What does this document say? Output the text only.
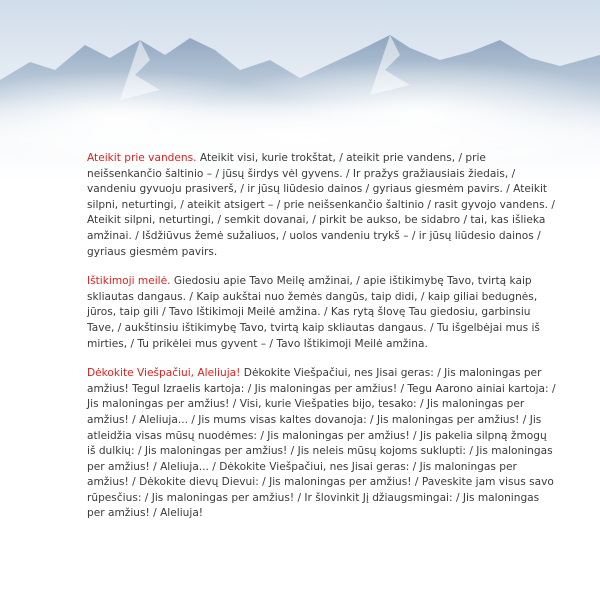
Ateikit prie vandens. Ateikit visi, kurie trokštat, / ateikit prie vandens, / prie neišsenkančio šaltinio – / jūsų širdys vėl gyvens. / Ir pražys gražiausiais žiedais, / vandeniu gyvuoju prasiverš, / ir jūsų liūdesio dainos / gyriaus giesmėm pavirs. / Ateikit silpni, neturtingi, / ateikit atsigert – / prie neišsenkančio šaltinio / rasit gyvojo vandens. / Ateikit silpni, neturtingi, / semkit dovanai, / pirkit be aukso, be sidabro / tai, kas išlieka amžinai. / Išdžiūvus žemė sužaliuos, / uolos vandeniu trykš – / ir jūsų liūdesio dainos / gyriaus giesmėm pavirs.

Ištikimoji meilė. Giedosiu apie Tavo Meilę amžinai, / apie ištikimybę Tavo, tvirtą kaip skliautas dangaus. / Kaip aukštai nuo žemės dangūs, taip didi, / kaip giliai bedugnės, jūros, taip gili / Tavo Ištikimoji Meilė amžina. / Kas rytą šlovę Tau giedosiu, garbinsiu Tave, / aukštinsiu ištikimybę Tavo, tvirtą kaip skliautas dangaus. / Tu išgelbėjai mus iš mirties, / Tu prikėlei mus gyvent – / Tavo Ištikimoji Meilė amžina.

Dėkokite Viešpačiui, Aleliuja! Dėkokite Viešpačiui, nes Jisai geras: / Jis maloningas per amžius! Tegul Izraelis kartoja: / Jis maloningas per amžius! / Tegu Aarono ainiai kartoja: / Jis maloningas per amžius! / Visi, kurie Viešpaties bijo, tesako: / Jis maloningas per amžius! / Aleliuja... / Jis mums visas kaltes dovanoja: / Jis maloningas per amžius! / Jis atleidžia visas mūsų nuodėmes: / Jis maloningas per amžius! / Jis pakelia silpną žmogų iš dulkių: / Jis maloningas per amžius! / Jis neleis mūsų kojoms suklupti: / Jis maloningas per amžius! / Aleliuja... / Dėkokite Viešpačiui, nes Jisai geras: / Jis maloningas per amžius! / Dėkokite dievų Dievui: / Jis maloningas per amžius! / Paveskite jam visus savo rūpesčius: / Jis maloningas per amžius! / Ir šlovinkit Jį džiaugsmingai: / Jis maloningas per amžius! / Aleliuja!
